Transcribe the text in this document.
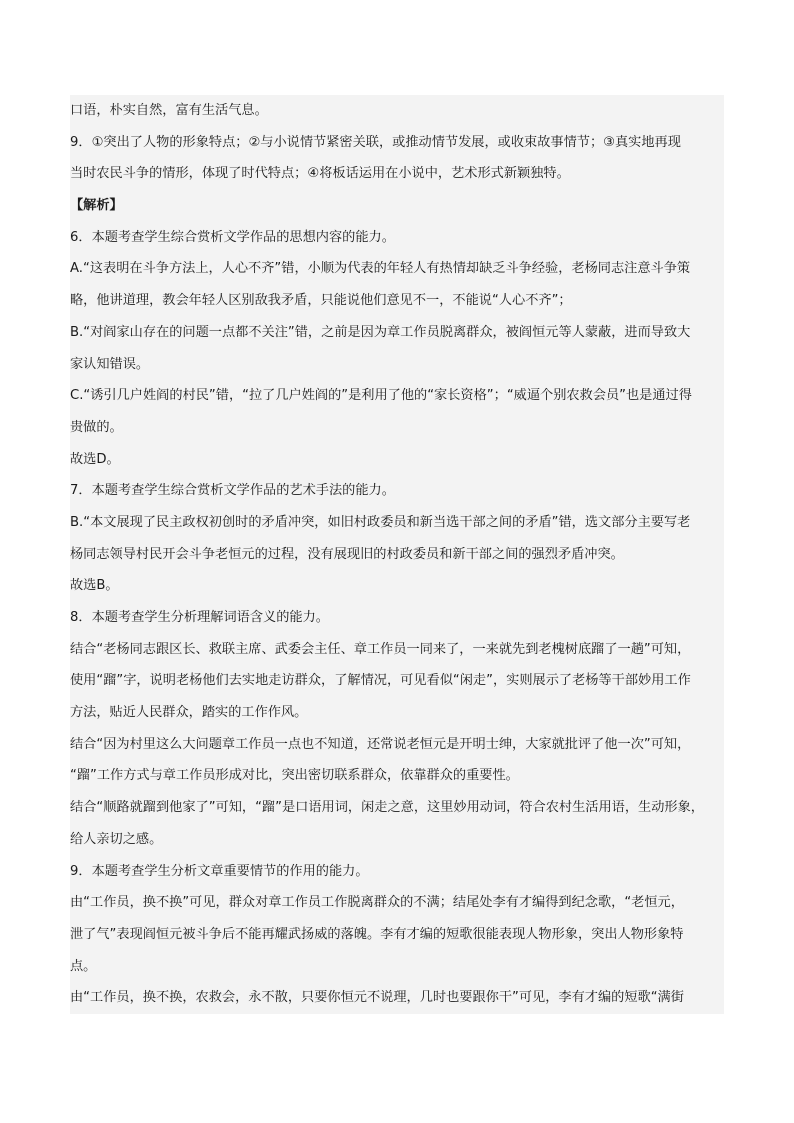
口语，朴实自然，富有生活气息。
9．①突出了人物的形象特点；②与小说情节紧密关联，或推动情节发展，或收束故事情节；③真实地再现
当时农民斗争的情形，体现了时代特点；④将板话运用在小说中，艺术形式新颖独特。
【解析】
6．本题考查学生综合赏析文学作品的思想内容的能力。
A.“这表明在斗争方法上，人心不齐”错，小顺为代表的年轻人有热情却缺乏斗争经验，老杨同志注意斗争策
略，他讲道理，教会年轻人区别敌我矛盾，只能说他们意见不一，不能说“人心不齐”；
B.“对阎家山存在的问题一点都不关注”错，之前是因为章工作员脱离群众，被阎恒元等人蒙蔽，进而导致大
家认知错误。
C.“诱引几户姓阎的村民”错，“拉了几户姓阎的”是利用了他的“家长资格”；“威逼个别农救会员”也是通过得
贵做的。
故选D。
7．本题考查学生综合赏析文学作品的艺术手法的能力。
B.“本文展现了民主政权初创时的矛盾冲突，如旧村政委员和新当选干部之间的矛盾”错，选文部分主要写老
杨同志领导村民开会斗争老恒元的过程，没有展现旧的村政委员和新干部之间的强烈矛盾冲突。
故选B。
8．本题考查学生分析理解词语含义的能力。
结合“老杨同志跟区长、救联主席、武委会主任、章工作员一同来了，一来就先到老槐树底蹓了一趟”可知，
使用“蹓”字，说明老杨他们去实地走访群众，了解情况，可见看似“闲走”，实则展示了老杨等干部妙用工作
方法，贴近人民群众，踏实的工作作风。
结合“因为村里这么大问题章工作员一点也不知道，还常说老恒元是开明士绅，大家就批评了他一次”可知，
“蹓”工作方式与章工作员形成对比，突出密切联系群众，依靠群众的重要性。
结合“顺路就蹓到他家了”可知，“蹓”是口语用词，闲走之意，这里妙用动词，符合农村生活用语，生动形象，
给人亲切之感。
9．本题考查学生分析文章重要情节的作用的能力。
由“工作员，换不换”可见，群众对章工作员工作脱离群众的不满；结尾处李有才编得到纪念歌，“老恒元，
泄了气”表现阎恒元被斗争后不能再耀武扬威的落魄。李有才编的短歌很能表现人物形象，突出人物形象特
点。
由“工作员，换不换，农救会，永不散，只要你恒元不说理，几时也要跟你干”可见，李有才编的短歌“满街
